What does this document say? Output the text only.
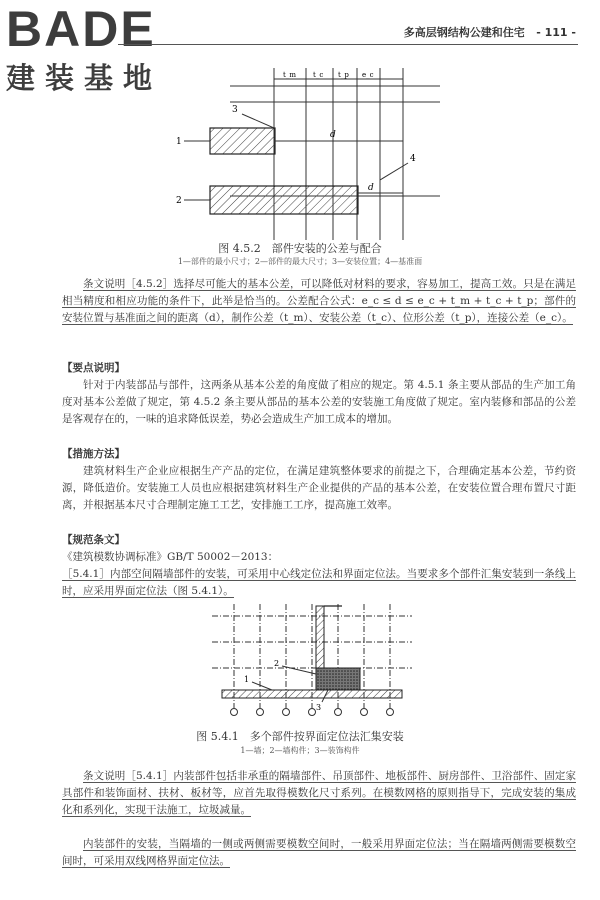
BADE
建装基地
多高层钢结构公建和住宅 - 111 -
t_m t_c t_p e_c
1
2
3
4
d
d
图 4.5.2　部件安装的公差与配合
1—部件的最小尺寸；2—部件的最大尺寸；3—安装位置；4—基准面

条文说明［4.5.2］选择尽可能大的基本公差，可以降低对材料的要求，容易加工，提高工效。只是在满足相当精度和相应功能的条件下，此举是恰当的。公差配合公式：e_c ≤ d ≤ e_c + t_m + t_c + t_p；部件的安装位置与基准面之间的距离（d），制作公差（t_m）、安装公差（t_c）、位形公差（t_p），连接公差（e_c）。

【要点说明】

针对于内装部品与部件，这两条从基本公差的角度做了相应的规定。第 4.5.1 条主要从部品的生产加工角度对基本公差做了规定，第 4.5.2 条主要从部品的基本公差的安装施工角度做了规定。室内装修和部品的公差是客观存在的，一味的追求降低误差，势必会造成生产加工成本的增加。

【措施方法】

建筑材料生产企业应根据生产产品的定位，在满足建筑整体要求的前提之下，合理确定基本公差，节约资源，降低造价。安装施工人员也应根据建筑材料生产企业提供的产品的基本公差，在安装位置合理布置尺寸距离，并根据基本尺寸合理制定施工工艺，安排施工工序，提高施工效率。

【规范条文】

《建筑模数协调标准》GB/T 50002－2013：

［5.4.1］内部空间隔墙部件的安装，可采用中心线定位法和界面定位法。当要求多个部件汇集安装到一条线上时，应采用界面定位法（图 5.4.1）。

2
1
3
图 5.4.1　多个部件按界面定位法汇集安装
1—墙；2—墙构件；3—装饰构件

条文说明［5.4.1］内装部件包括非承重的隔墙部件、吊顶部件、地板部件、厨房部件、卫浴部件、固定家具部件和装饰面材、扶材、板材等，应首先取得模数化尺寸系列。在模数网格的原则指导下，完成安装的集成化和系列化，实现干法施工，垃圾减量。

内装部件的安装，当隔墙的一侧或两侧需要模数空间时，一般采用界面定位法；当在隔墙两侧需要模数空间时，可采用双线网格界面定位法。
